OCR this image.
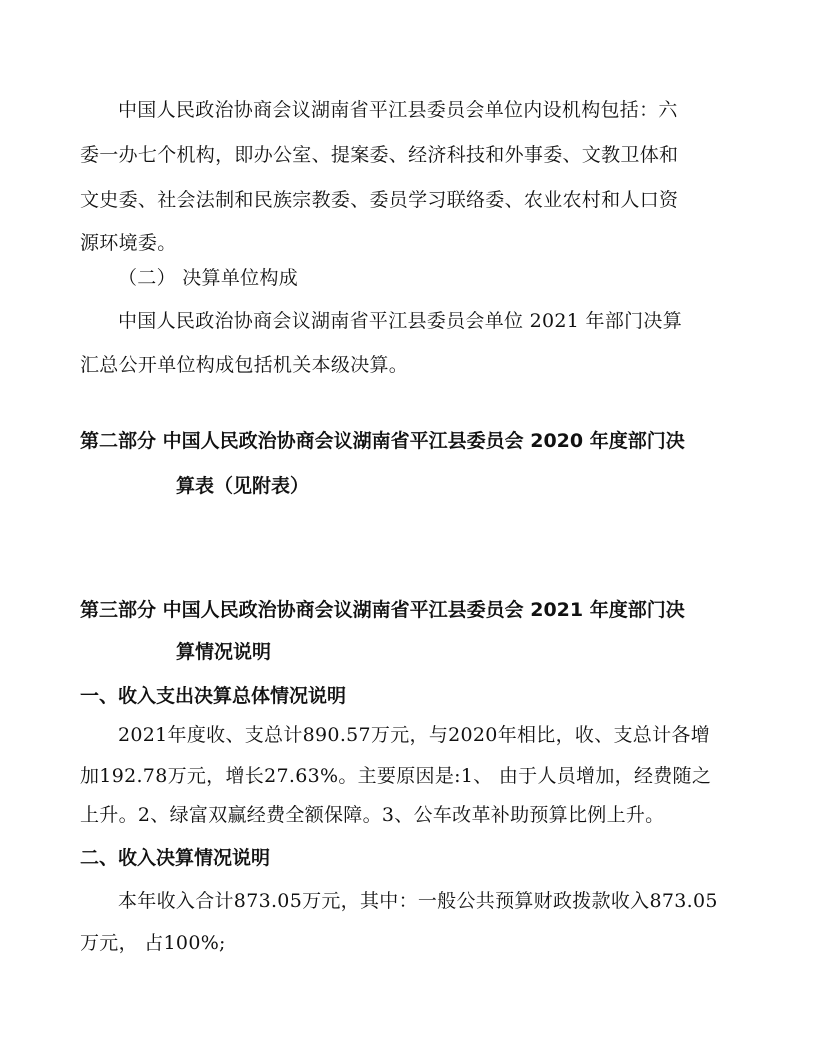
中国人民政治协商会议湖南省平江县委员会单位内设机构包括：六
委一办七个机构，即办公室、提案委、经济科技和外事委、文教卫体和
文史委、社会法制和民族宗教委、委员学习联络委、农业农村和人口资
源环境委。
（二） 决算单位构成
中国人民政治协商会议湖南省平江县委员会单位 2021 年部门决算
汇总公开单位构成包括机关本级决算。
第二部分 中国人民政治协商会议湖南省平江县委员会 2020 年度部门决
算表（见附表）
第三部分 中国人民政治协商会议湖南省平江县委员会 2021 年度部门决
算情况说明
一、收入支出决算总体情况说明
2021年度收、支总计890.57万元，与2020年相比，收、支总计各增
加192.78万元，增长27.63%。主要原因是:1、 由于人员增加，经费随之
上升。2、绿富双赢经费全额保障。3、公车改革补助预算比例上升。
二、收入决算情况说明
本年收入合计873.05万元，其中：一般公共预算财政拨款收入873.05
万元， 占100%;
